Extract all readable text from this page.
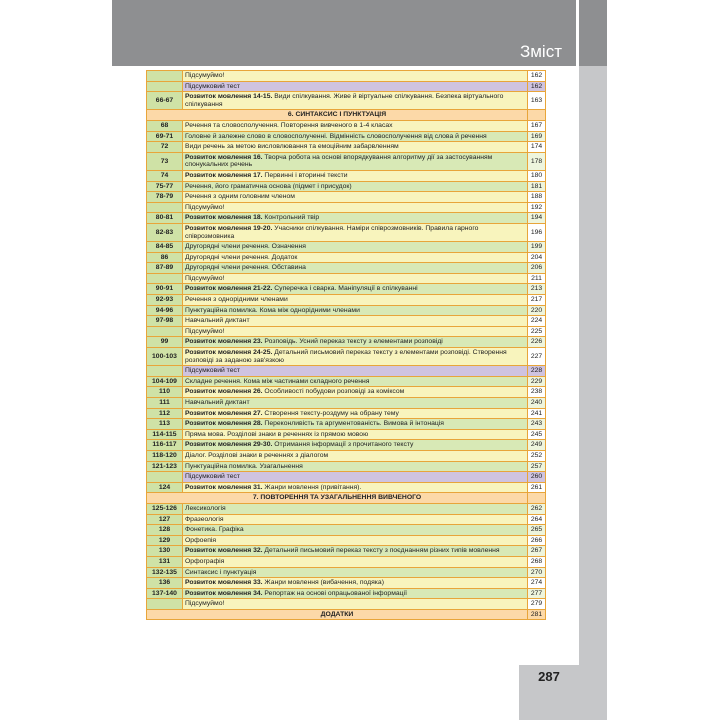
Зміст
287
	Підсумуймо!	162
	Підсумковий тест	162
66-67	Розвиток мовлення 14-15. Види спілкування. Живе й віртуальне спілкування. Безпека віртуального спілкування	163
6. СИНТАКСИС І ПУНКТУАЦІЯ		
68	Речення та словосполучення. Повторення вивченого в 1-4 класах	167
69-71	Головне й залежне слово в словосполученні. Відмінність словосполучення від слова й речення	169
72	Види речень за метою висловлювання та емоційним забарвленням	174
73	Розвиток мовлення 16. Творча робота на основі впорядкування алгоритму дії за застосуванням спонукальних речень	178
74	Розвиток мовлення 17. Первинні і вторинні тексти	180
75-77	Речення, його граматична основа (підмет і присудок)	181
78-79	Речення з одним головним членом	188
	Підсумуймо!	192
80-81	Розвиток мовлення 18. Контрольний твір	194
82-83	Розвиток мовлення 19-20. Учасники спілкування. Наміри співрозмовників. Правила гарного співрозмовника	196
84-85	Другорядні члени речення. Означення	199
86	Другорядні члени речення. Додаток	204
87-89	Другорядні члени речення. Обставина	206
	Підсумуймо!	211
90-91	Розвиток мовлення 21-22. Суперечка і сварка. Маніпуляції в спілкуванні	213
92-93	Речення з однорідними членами	217
94-96	Пунктуаційна помилка. Кома між однорідними членами	220
97-98	Навчальний диктант	224
	Підсумуймо!	225
99	Розвиток мовлення 23. Розповідь. Усний переказ тексту з елементами розповіді	226
100-103	Розвиток мовлення 24-25. Детальний письмовий переказ тексту з елементами розповіді. Створення розповіді за заданою зав'язкою	227
	Підсумковий тест	228
104-109	Складне речення. Кома між частинами складного речення	229
110	Розвиток мовлення 26. Особливості побудови розповіді за коміксом	238
111	Навчальний диктант	240
112	Розвиток мовлення 27. Створення тексту-роздуму на обрану тему	241
113	Розвиток мовлення 28. Переконливість та аргументованість. Вимова й інтонація	243
114-115	Пряма мова. Розділові знаки в реченнях із прямою мовою	245
116-117	Розвиток мовлення 29-30. Отримання інформації з прочитаного тексту	249
118-120	Діалог. Розділові знаки в реченнях з діалогом	252
121-123	Пунктуаційна помилка. Узагальнення	257
	Підсумковий тест	260
124	Розвиток мовлення 31. Жанри мовлення (привітання).	261
7. ПОВТОРЕННЯ ТА УЗАГАЛЬНЕННЯ ВИВЧЕНОГО		
125-126	Лексикологія	262
127	Фразеологія	264
128	Фонетика. Графіка	265
129	Орфоепія	266
130	Розвиток мовлення 32. Детальний письмовий переказ тексту з поєднанням різних типів мовлення	267
131	Орфографія	268
132-135	Синтаксис і пунктуація	270
136	Розвиток мовлення 33. Жанри мовлення (вибачення, подяка)	274
137-140	Розвиток мовлення 34. Репортаж на основі опрацьованої інформації	277
	Підсумуймо!	279
ДОДАТКИ		281
